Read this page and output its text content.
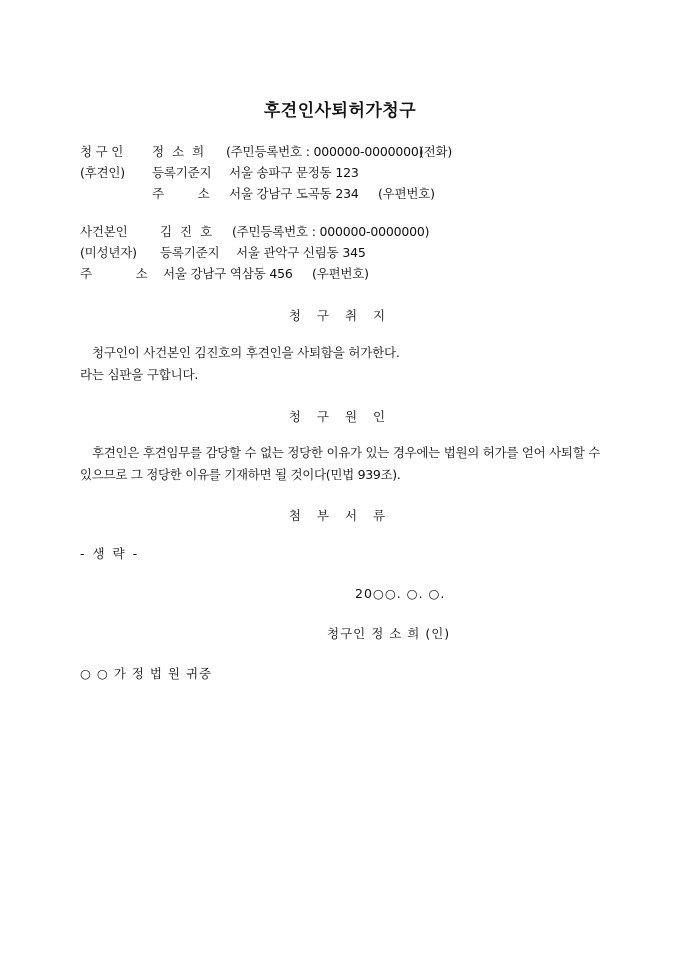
후견인사퇴허가청구
청 구 인 정 소 희 (주민등록번호 : 000000-0000000)
(전화)
(후견인) 등록기준지 서울 송파구 문정동 123
주 소 서울 강남구 도곡동 234 (우편번호)
사건본인	김 진 호 (주민등록번호 : 000000-0000000)
(미성년자) 등록기준지 서울 관악구 신림동 345
주 소 서울 강남구 역삼동 456 (우편번호)
청 구 취 지
청구인이 사건본인 김진호의 후견인을 사퇴함을 허가한다.
라는 심판을 구합니다.
청 구 원 인
후견인은 후견임무를 감당할 수 없는 정당한 이유가 있는 경우에는 법원의 허가를 얻어 사퇴할 수 있으므로 그 정당한 이유를 기재하면 될 것이다(민법 939조).
첨 부 서 류
- 생 략 -
20○○. ○. ○.
청구인 정 소 희 (인)
○ ○ 가 정 법 원 귀중
